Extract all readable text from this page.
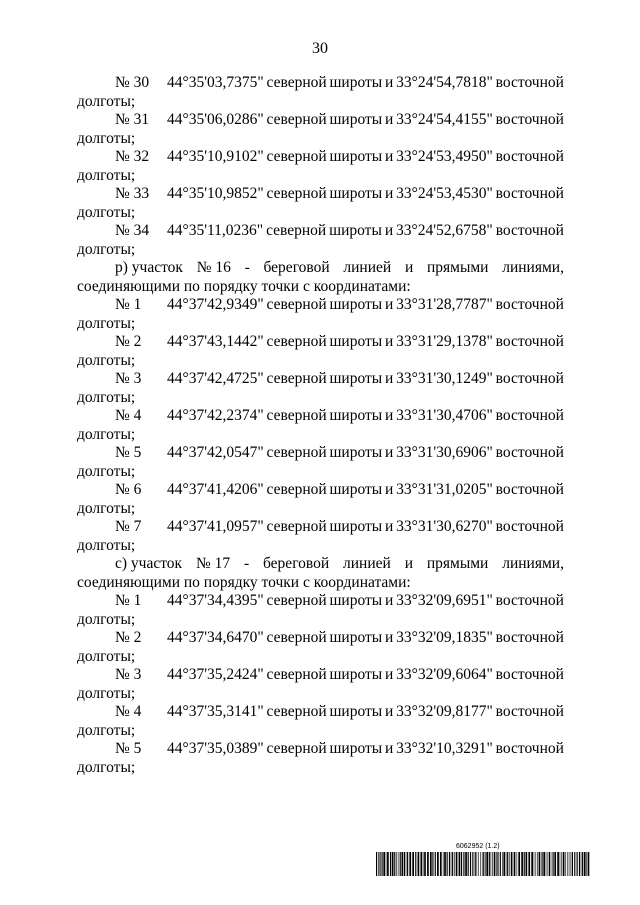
30
№ 30	44°35'03,7375" северной широты и 33°24'54,7818" восточной
долготы;
№ 31	44°35'06,0286" северной широты и 33°24'54,4155" восточной
долготы;
№ 32	44°35'10,9102" северной широты и 33°24'53,4950" восточной
долготы;
№ 33	44°35'10,9852" северной широты и 33°24'53,4530" восточной
долготы;
№ 34	44°35'11,0236" северной широты и 33°24'52,6758" восточной
долготы;
р) участок № 16 - береговой линией и прямыми линиями,
соединяющими по порядку точки с координатами:
№ 1	44°37'42,9349" северной широты и 33°31'28,7787" восточной
долготы;
№ 2	44°37'43,1442" северной широты и 33°31'29,1378" восточной
долготы;
№ 3	44°37'42,4725" северной широты и 33°31'30,1249" восточной
долготы;
№ 4	44°37'42,2374" северной широты и 33°31'30,4706" восточной
долготы;
№ 5	44°37'42,0547" северной широты и 33°31'30,6906" восточной
долготы;
№ 6	44°37'41,4206" северной широты и 33°31'31,0205" восточной
долготы;
№ 7	44°37'41,0957" северной широты и 33°31'30,6270" восточной
долготы;
с) участок № 17 - береговой линией и прямыми линиями,
соединяющими по порядку точки с координатами:
№ 1	44°37'34,4395" северной широты и 33°32'09,6951" восточной
долготы;
№ 2	44°37'34,6470" северной широты и 33°32'09,1835" восточной
долготы;
№ 3	44°37'35,2424" северной широты и 33°32'09,6064" восточной
долготы;
№ 4	44°37'35,3141" северной широты и 33°32'09,8177" восточной
долготы;
№ 5	44°37'35,0389" северной широты и 33°32'10,3291" восточной
долготы;
6062952 (1.2)
